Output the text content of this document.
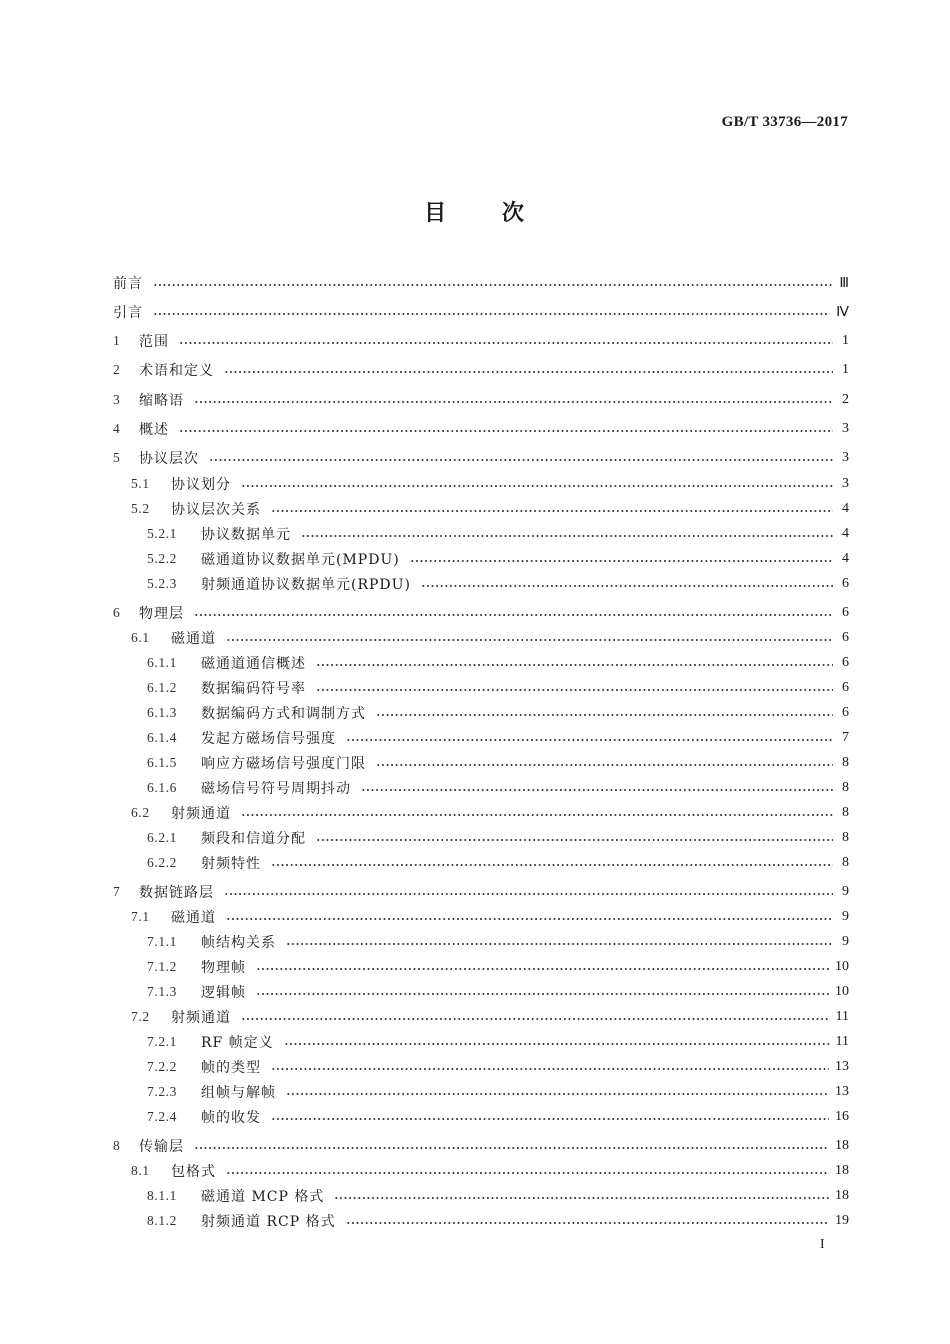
GB/T 33736—2017
目 次
前言	Ⅲ
引言	Ⅳ
1	范围	1
2	术语和定义	1
3	缩略语	2
4	概述	3
5	协议层次	3
5.1	协议划分	3
5.2	协议层次关系	4
5.2.1	协议数据单元	4
5.2.2	磁通道协议数据单元(MPDU)	4
5.2.3	射频通道协议数据单元(RPDU)	6
6	物理层	6
6.1	磁通道	6
6.1.1	磁通道通信概述	6
6.1.2	数据编码符号率	6
6.1.3	数据编码方式和调制方式	6
6.1.4	发起方磁场信号强度	7
6.1.5	响应方磁场信号强度门限	8
6.1.6	磁场信号符号周期抖动	8
6.2	射频通道	8
6.2.1	频段和信道分配	8
6.2.2	射频特性	8
7	数据链路层	9
7.1	磁通道	9
7.1.1	帧结构关系	9
7.1.2	物理帧	10
7.1.3	逻辑帧	10
7.2	射频通道	11
7.2.1	RF 帧定义	11
7.2.2	帧的类型	13
7.2.3	组帧与解帧	13
7.2.4	帧的收发	16
8	传输层	18
8.1	包格式	18
8.1.1	磁通道 MCP 格式	18
8.1.2	射频通道 RCP 格式	19
I
